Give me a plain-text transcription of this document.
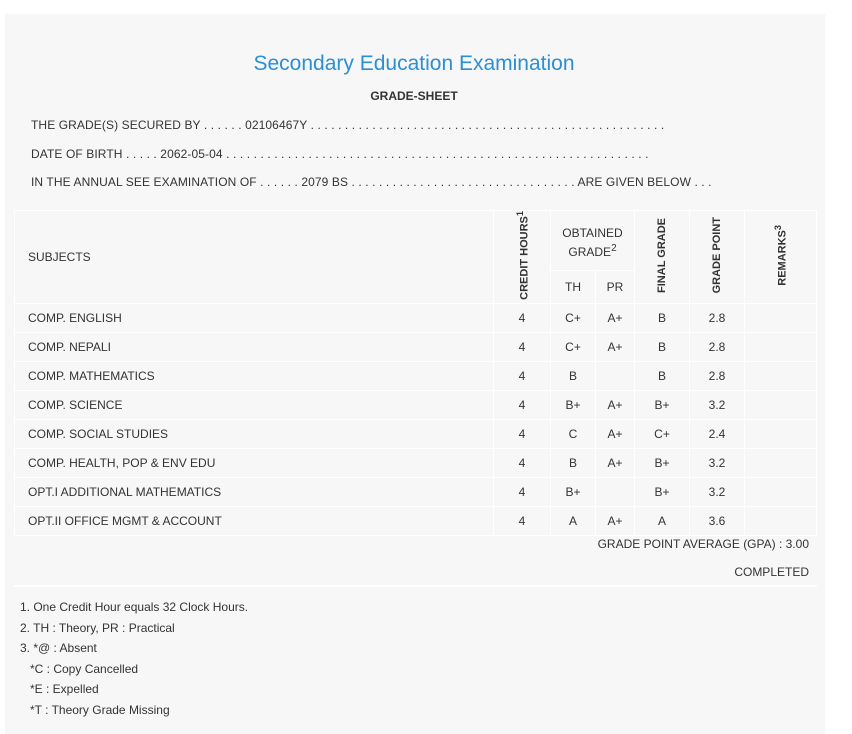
Secondary Education Examination
GRADE-SHEET
THE GRADE(S) SECURED BY . . . . . . 02106467Y . . . . . . . . . . . . . . . . . . . . . . . . . . . . . . . . . . . . . . . . . . . . . . . . . . . .
DATE OF BIRTH . . . . . 2062-05-04 . . . . . . . . . . . . . . . . . . . . . . . . . . . . . . . . . . . . . . . . . . . . . . . . . . . . . . . . . . . . . .
IN THE ANNUAL SEE EXAMINATION OF . . . . . . 2079 BS . . . . . . . . . . . . . . . . . . . . . . . . . . . . . . . . . ARE GIVEN BELOW . . .
SUBJECTS	CREDIT HOURS$^1$	OBTAINED GRADE$^2$		FINAL GRADE	GRADE POINT	REMARKS$^3$
		TH	PR			
COMP. ENGLISH	4	C+	A+	B	2.8	
COMP. NEPALI	4	C+	A+	B	2.8	
COMP. MATHEMATICS	4	B		B	2.8	
COMP. SCIENCE	4	B+	A+	B+	3.2	
COMP. SOCIAL STUDIES	4	C	A+	C+	2.4	
COMP. HEALTH, POP & ENV EDU	4	B	A+	B+	3.2	
OPT.I ADDITIONAL MATHEMATICS	4	B+		B+	3.2	
OPT.II OFFICE MGMT & ACCOUNT	4	A	A+	A	3.6	
GRADE POINT AVERAGE (GPA) : 3.00
COMPLETED
1. One Credit Hour equals 32 Clock Hours.
2. TH : Theory, PR : Practical
3. *@ : Absent
*C : Copy Cancelled
*E : Expelled
*T : Theory Grade Missing
